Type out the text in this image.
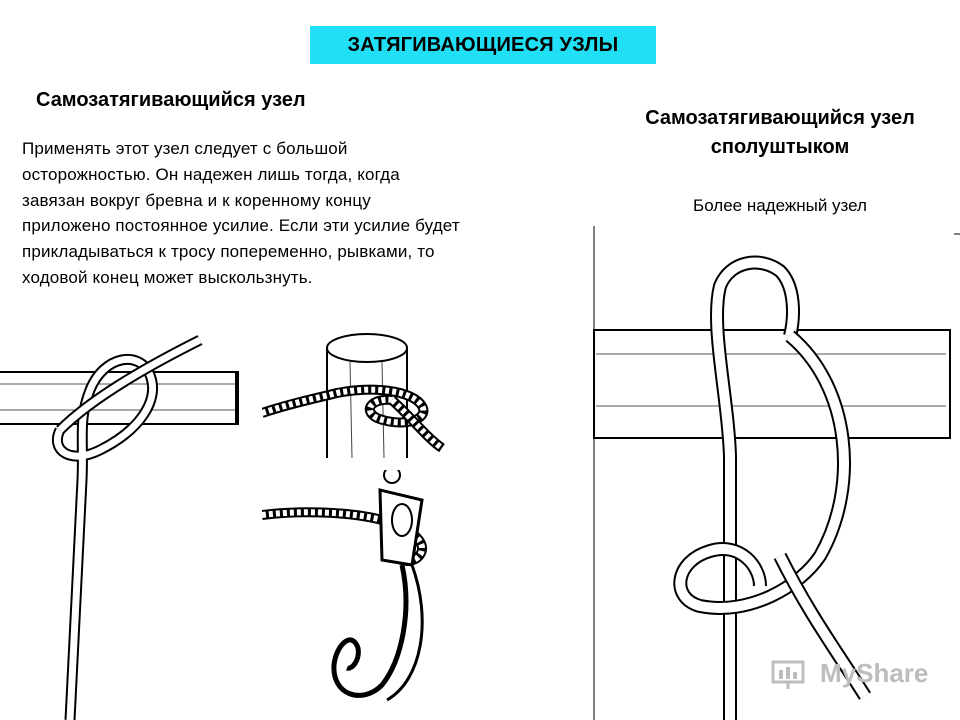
ЗАТЯГИВАЮЩИЕСЯ УЗЛЫ
Самозатягивающийся узел
Применять этот узел следует с большой осторожностью. Он надежен лишь тогда, когда завязан вокруг бревна и к коренному концу приложено постоянное усилие. Если эти усилие будет прикладываться к тросу попеременно, рывками, то ходовой конец может выскользнуть.
Самозатягивающийся узел сполуштыком
Более надежный узел
MyShare
